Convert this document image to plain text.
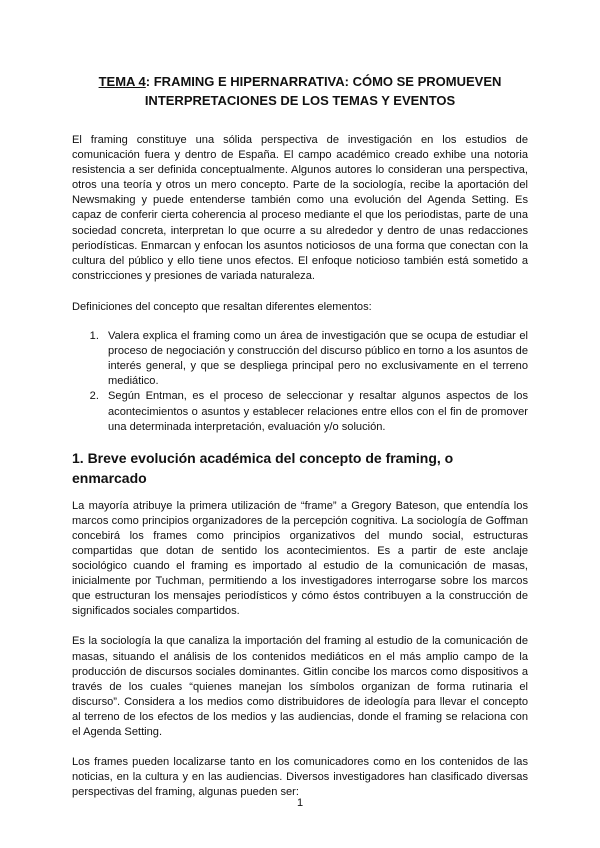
TEMA 4: FRAMING E HIPERNARRATIVA: CÓMO SE PROMUEVEN INTERPRETACIONES DE LOS TEMAS Y EVENTOS

El framing constituye una sólida perspectiva de investigación en los estudios de comunicación fuera y dentro de España. El campo académico creado exhibe una notoria resistencia a ser definida conceptualmente. Algunos autores lo consideran una perspectiva, otros una teoría y otros un mero concepto. Parte de la sociología, recibe la aportación del Newsmaking y puede entenderse también como una evolución del Agenda Setting. Es capaz de conferir cierta coherencia al proceso mediante el que los periodistas, parte de una sociedad concreta, interpretan lo que ocurre a su alrededor y dentro de unas redacciones periodísticas. Enmarcan y enfocan los asuntos noticiosos de una forma que conectan con la cultura del público y ello tiene unos efectos. El enfoque noticioso también está sometido a constricciones y presiones de variada naturaleza.

Definiciones del concepto que resaltan diferentes elementos:

1. Valera explica el framing como un área de investigación que se ocupa de estudiar el proceso de negociación y construcción del discurso público en torno a los asuntos de interés general, y que se despliega principal pero no exclusivamente en el terreno mediático.
2. Según Entman, es el proceso de seleccionar y resaltar algunos aspectos de los acontecimientos o asuntos y establecer relaciones entre ellos con el fin de promover una determinada interpretación, evaluación y/o solución.
1. Breve evolución académica del concepto de framing, o enmarcado

La mayoría atribuye la primera utilización de “frame” a Gregory Bateson, que entendía los marcos como principios organizadores de la percepción cognitiva. La sociología de Goffman concebirá los frames como principios organizativos del mundo social, estructuras compartidas que dotan de sentido los acontecimientos. Es a partir de este anclaje sociológico cuando el framing es importado al estudio de la comunicación de masas, inicialmente por Tuchman, permitiendo a los investigadores interrogarse sobre los marcos que estructuran los mensajes periodísticos y cómo éstos contribuyen a la construcción de significados sociales compartidos.

Es la sociología la que canaliza la importación del framing al estudio de la comunicación de masas, situando el análisis de los contenidos mediáticos en el más amplio campo de la producción de discursos sociales dominantes. Gitlin concibe los marcos como dispositivos a través de los cuales “quienes manejan los símbolos organizan de forma rutinaria el discurso”. Considera a los medios como distribuidores de ideología para llevar el concepto al terreno de los efectos de los medios y las audiencias, donde el framing se relaciona con el Agenda Setting.

Los frames pueden localizarse tanto en los comunicadores como en los contenidos de las noticias, en la cultura y en las audiencias. Diversos investigadores han clasificado diversas perspectivas del framing, algunas pueden ser:

1
